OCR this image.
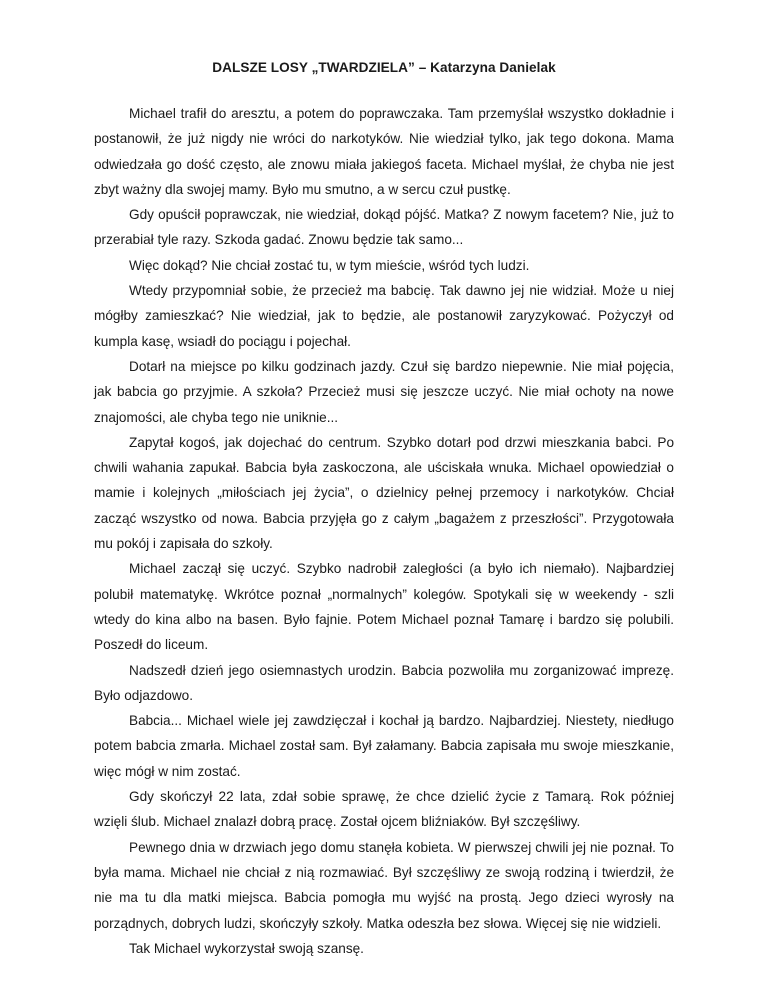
DALSZE LOSY „TWARDZIELA” – Katarzyna Danielak

Michael trafił do aresztu, a potem do poprawczaka. Tam przemyślał wszystko dokładnie i postanowił, że już nigdy nie wróci do narkotyków. Nie wiedział tylko, jak tego dokona. Mama odwiedzała go dość często, ale znowu miała jakiegoś faceta. Michael myślał, że chyba nie jest zbyt ważny dla swojej mamy. Było mu smutno, a w sercu czuł pustkę.

Gdy opuścił poprawczak, nie wiedział, dokąd pójść. Matka? Z nowym facetem? Nie, już to przerabiał tyle razy. Szkoda gadać. Znowu będzie tak samo...

Więc dokąd? Nie chciał zostać tu, w tym mieście, wśród tych ludzi.

Wtedy przypomniał sobie, że przecież ma babcię. Tak dawno jej nie widział. Może u niej mógłby zamieszkać? Nie wiedział, jak to będzie, ale postanowił zaryzykować. Pożyczył od kumpla kasę, wsiadł do pociągu i pojechał.

Dotarł na miejsce po kilku godzinach jazdy. Czuł się bardzo niepewnie. Nie miał pojęcia, jak babcia go przyjmie. A szkoła? Przecież musi się jeszcze uczyć. Nie miał ochoty na nowe znajomości, ale chyba tego nie uniknie...

Zapytał kogoś, jak dojechać do centrum. Szybko dotarł pod drzwi mieszkania babci. Po chwili wahania zapukał. Babcia była zaskoczona, ale uściskała wnuka. Michael opowiedział o mamie i kolejnych „miłościach jej życia”, o dzielnicy pełnej przemocy i narkotyków. Chciał zacząć wszystko od nowa. Babcia przyjęła go z całym „bagażem z przeszłości”. Przygotowała mu pokój i zapisała do szkoły.

Michael zaczął się uczyć. Szybko nadrobił zaległości (a było ich niemało). Najbardziej polubił matematykę. Wkrótce poznał „normalnych” kolegów. Spotykali się w weekendy - szli wtedy do kina albo na basen. Było fajnie. Potem Michael poznał Tamarę i bardzo się polubili. Poszedł do liceum.

Nadszedł dzień jego osiemnastych urodzin. Babcia pozwoliła mu zorganizować imprezę. Było odjazdowo.

Babcia... Michael wiele jej zawdzięczał i kochał ją bardzo. Najbardziej. Niestety, niedługo potem babcia zmarła. Michael został sam. Był załamany. Babcia zapisała mu swoje mieszkanie, więc mógł w nim zostać.

Gdy skończył 22 lata, zdał sobie sprawę, że chce dzielić życie z Tamarą. Rok później wzięli ślub. Michael znalazł dobrą pracę. Został ojcem bliźniaków. Był szczęśliwy.

Pewnego dnia w drzwiach jego domu stanęła kobieta. W pierwszej chwili jej nie poznał. To była mama. Michael nie chciał z nią rozmawiać. Był szczęśliwy ze swoją rodziną i twierdził, że nie ma tu dla matki miejsca. Babcia pomogła mu wyjść na prostą. Jego dzieci wyrosły na porządnych, dobrych ludzi, skończyły szkoły. Matka odeszła bez słowa. Więcej się nie widzieli.

Tak Michael wykorzystał swoją szansę.
